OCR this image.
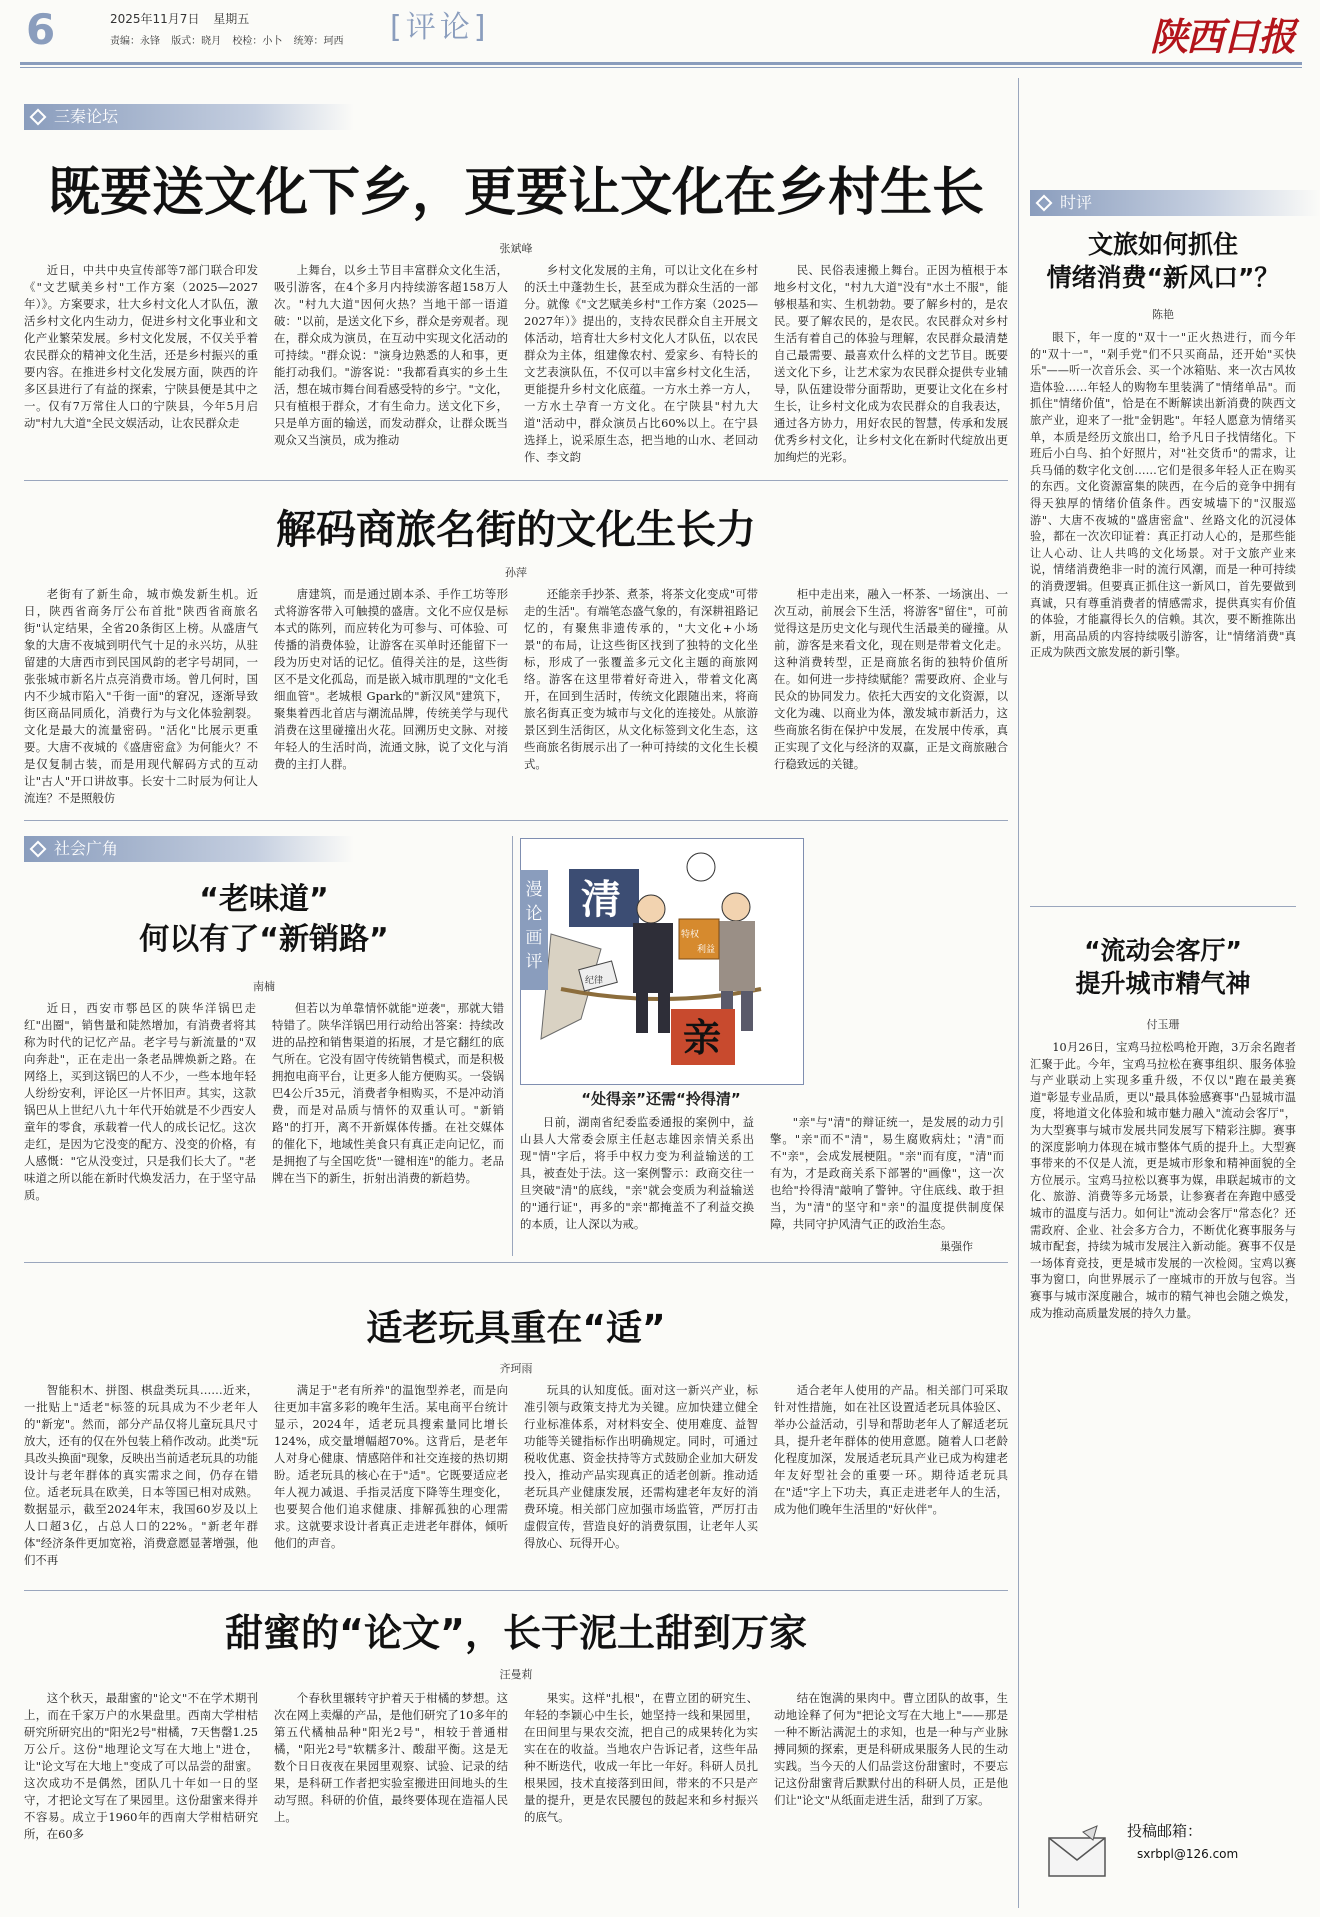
6	2025年11月7日 星期五
责编：永锋 版式：晓月 校检：小卜 统筹：珂西 [评论]	陕西日报
三秦论坛
时评
社会广角
既要送文化下乡，更要让文化在乡村生长
张斌峰

近日，中共中央宣传部等7部门联合印发《"文艺赋美乡村"工作方案（2025—2027年）》。方案要求，壮大乡村文化人才队伍，激活乡村文化内生动力，促进乡村文化事业和文化产业繁荣发展。乡村文化发展，不仅关乎着农民群众的精神文化生活，还是乡村振兴的重要内容。在推进乡村文化发展方面，陕西的许多区县进行了有益的探索，宁陕县便是其中之一。仅有7万常住人口的宁陕县，今年5月启动"村九大道"全民文娱活动，让农民群众走

上舞台，以乡土节目丰富群众文化生活，吸引游客，在4个多月内持续游客超158万人次。"村九大道"因何火热？当地干部一语道破："以前，是送文化下乡，群众是旁观者。现在，群众成为演员，在互动中实现文化活动的可持续。"群众说："演身边熟悉的人和事，更能打动我们。"游客说："我都看真实的乡土生活，想在城市舞台间看感受特的乡宁。"文化，只有植根于群众，才有生命力。送文化下乡，只是单方面的输送，而发动群众，让群众既当观众又当演员，成为推动

乡村文化发展的主角，可以让文化在乡村的沃土中蓬勃生长，甚至成为群众生活的一部分。就像《"文艺赋美乡村"工作方案（2025—2027年）》提出的，支持农民群众自主开展文体活动，培育壮大乡村文化人才队伍，以农民群众为主体，组建像农村、爱家乡、有特长的文艺表演队伍，不仅可以丰富乡村文化生活，更能提升乡村文化底蕴。一方水土养一方人，一方水土孕育一方文化。在宁陕县"村九大道"活动中，群众演员占比60%以上。在宁县选择上，说采原生态，把当地的山水、老回动作、李文韵

民、民俗表速搬上舞台。正因为植根于本地乡村文化，"村九大道"没有"水土不服"，能够根基和实、生机勃勃。要了解乡村的，是农民。要了解农民的，是农民。农民群众对乡村生活有着自己的体验与理解，农民群众最清楚自己最需要、最喜欢什么样的文艺节目。既要送文化下乡，让艺术家为农民群众提供专业辅导，队伍建设带分面帮助，更要让文化在乡村生长，让乡村文化成为农民群众的自我表达，通过各方协力，用好农民的智慧，传承和发展优秀乡村文化，让乡村文化在新时代绽放出更加绚烂的光彩。

解码商旅名街的文化生长力
孙萍

老街有了新生命，城市焕发新生机。近日，陕西省商务厅公布首批"陕西省商旅名街"认定结果，全省20条街区上榜。从盛唐气象的大唐不夜城到明代气十足的永兴坊，从驻留建的大唐西市到民国风韵的老字号胡同，一张张城市新名片点亮消费市场。曾几何时，国内不少城市陷入"千街一面"的窘况，逐渐导致街区商品同质化，消费行为与文化体验割裂。文化是最大的流量密码。"活化"比展示更重要。大唐不夜城的《盛唐密盒》为何能火？不是仅复制古装，而是用现代解码方式的互动让"古人"开口讲故事。长安十二时辰为何让人流连？不是照般仿

唐建筑，而是通过剧本杀、手作工坊等形式将游客带入可触摸的盛唐。文化不应仅是标本式的陈列，而应转化为可参与、可体验、可传播的消费体验，让游客在买单时还能留下一段为历史对话的记忆。值得关注的是，这些街区不是文化孤岛，而是嵌入城市肌理的"文化毛细血管"。老城根 Gpark的"新汉风"建筑下，聚集着西北首店与潮流品牌，传统美学与现代消费在这里碰撞出火花。回溯历史文脉、对接年轻人的生活时尚，流通文脉，说了文化与消费的主打人群。

还能亲手抄茶、煮茶，将茶文化变成"可带走的生活"。有端笔态盛气象的，有深耕祖路记忆的，有聚焦非遗传承的，"大文化+小场景"的布局，让这些街区找到了独特的文化坐标，形成了一张覆盖多元文化主题的商旅网络。游客在这里带着好奇进入，带着文化离开，在回到生活时，传统文化跟随出来，将商旅名街真正变为城市与文化的连接处。从旅游景区到生活街区，从文化标签到文化生态，这些商旅名街展示出了一种可持续的文化生长模式。

柜中走出来，融入一杯茶、一场演出、一次互动，前展会下生活，将游客"留住"，可前觉得这是历史文化与现代生活最美的碰撞。从前，游客是来看文化，现在则是带着文化走。这种消费转型，正是商旅名街的独特价值所在。如何进一步持续赋能？需要政府、企业与民众的协同发力。依托大西安的文化资源，以文化为魂、以商业为体，激发城市新活力，这些商旅名街在保护中发展，在发展中传承，真正实现了文化与经济的双赢，正是文商旅融合行稳致远的关键。

“老味道”
何以有了“新销路”
南楠

近日，西安市鄠邑区的陕华洋锅巴走红"出圈"，销售量和陡然增加，有消费者将其称为时代的记忆产品。老字号与新流量的"双向奔赴"，正在走出一条老品牌焕新之路。在网络上，买到这锅巴的人不少，一些本地年轻人纷纷安利，评论区一片怀旧声。其实，这款锅巴从上世纪八九十年代开始就是不少西安人童年的零食，承载着一代人的成长记忆。这次走红，是因为它没变的配方、没变的价格，有人感慨："它从没变过，只是我们长大了。"老味道之所以能在新时代焕发活力，在于坚守品质。

但若以为单靠情怀就能"逆袭"，那就大错特错了。陕华洋锅巴用行动给出答案：持续改进的品控和销售渠道的拓展，才是它翻红的底气所在。它没有固守传统销售模式，而是积极拥抱电商平台，让更多人能方便购买。一袋锅巴4公斤35元，消费者争相购买，不是冲动消费，而是对品质与情怀的双重认可。"新销路"的打开，离不开新媒体传播。在社交媒体的催化下，地域性美食只有真正走向记忆，而是拥抱了与全国吃货"一键相连"的能力。老品牌在当下的新生，折射出消费的新趋势。

清
特权
利益
亲
纪律
漫论画评
“处得亲”还需“拎得清”

日前，湖南省纪委监委通报的案例中，益山县人大常委会原主任赵志雄因亲情关系出现"情"字后，将手中权力变为利益输送的工具，被查处于法。这一案例警示：政商交往一旦突破"清"的底线，"亲"就会变质为利益输送的"通行证"，再多的"亲"都掩盖不了利益交换的本质，让人深以为戒。

"亲"与"清"的辩证统一，是发展的动力引擎。"亲"而不"清"，易生腐败病灶；"清"而不"亲"，会成发展梗阻。"亲"而有度，"清"而有为，才是政商关系下部署的"画像"，这一次也给"拎得清"敲响了警钟。守住底线、敢于担当，为"清"的坚守和"亲"的温度提供制度保障，共同守护风清气正的政治生态。

巢强作
适老玩具重在“适”
齐珂雨

智能积木、拼图、棋盘类玩具……近来，一批贴上"适老"标签的玩具成为不少老年人的"新宠"。然而，部分产品仅将儿童玩具尺寸放大，还有的仅在外包装上稍作改动。此类"玩具改头换面"现象，反映出当前适老玩具的功能设计与老年群体的真实需求之间，仍存在错位。适老玩具在欧美，日本等国已相对成熟。数据显示，截至2024年末，我国60岁及以上人口超3亿，占总人口的22%。"新老年群体"经济条件更加宽裕，消费意愿显著增强，他们不再

满足于"老有所养"的温饱型养老，而是向往更加丰富多彩的晚年生活。某电商平台统计显示，2024年，适老玩具搜索量同比增长124%，成交量增幅超70%。这背后，是老年人对身心健康、情感陪伴和社交连接的热切期盼。适老玩具的核心在于"适"。它既要适应老年人视力减退、手指灵活度下降等生理变化，也要契合他们追求健康、排解孤独的心理需求。这就要求设计者真正走进老年群体，倾听他们的声音。

玩具的认知度低。面对这一新兴产业，标准引领与政策支持尤为关键。应加快建立健全行业标准体系，对材料安全、使用难度、益智功能等关键指标作出明确规定。同时，可通过税收优惠、资金扶持等方式鼓励企业加大研发投入，推动产品实现真正的适老创新。推动适老玩具产业健康发展，还需构建老年友好的消费环境。相关部门应加强市场监管，严厉打击虚假宣传，营造良好的消费氛围，让老年人买得放心、玩得开心。

适合老年人使用的产品。相关部门可采取针对性措施，如在社区设置适老玩具体验区、举办公益活动，引导和帮助老年人了解适老玩具，提升老年群体的使用意愿。随着人口老龄化程度加深，发展适老玩具产业已成为构建老年友好型社会的重要一环。期待适老玩具在"适"字上下功夫，真正走进老年人的生活，成为他们晚年生活里的"好伙伴"。

甜蜜的“论文”，长于泥土甜到万家
汪曼莉

这个秋天，最甜蜜的"论文"不在学术期刊上，而在千家万户的水果盘里。西南大学柑桔研究所研究出的"阳光2号"柑橘，7天售罄1.25万公斤。这份"地理论文写在大地上"进仓，让"论文写在大地上"变成了可以品尝的甜蜜。这次成功不是偶然，团队几十年如一日的坚守，才把论文写在了果园里。这份甜蜜来得并不容易。成立于1960年的西南大学柑桔研究所，在60多

个春秋里辗转守护着天于柑橘的梦想。这次在网上卖爆的产品，是他们研究了10多年的第五代橘柚品种"阳光2号"，相较于普通柑橘，"阳光2号"软糯多汁、酸甜平衡。这是无数个日日夜夜在果园里观察、试验、记录的结果，是科研工作者把实验室搬进田间地头的生动写照。科研的价值，最终要体现在造福人民上。

果实。这样"扎根"，在曹立团的研究生、年轻的李颖心中生长，她坚持一线和果园里，在田间里与果农交流，把自己的成果转化为实实在在的收益。当地农户告诉记者，这些年品种不断迭代，收成一年比一年好。科研人员扎根果园，技术直接落到田间，带来的不只是产量的提升，更是农民腰包的鼓起来和乡村振兴的底气。

结在饱满的果肉中。曹立团队的故事，生动地诠释了何为"把论文写在大地上"——那是一种不断沾满泥土的求知，也是一种与产业脉搏同频的探索，更是科研成果服务人民的生动实践。当今天的人们品尝这份甜蜜时，不要忘记这份甜蜜背后默默付出的科研人员，正是他们让"论文"从纸面走进生活，甜到了万家。

文旅如何抓住
情绪消费“新风口”？
陈艳

眼下，年一度的"双十一"正火热进行，而今年的"双十一"，"剁手党"们不只买商品，还开始"买快乐"——听一次音乐会、买一个冰箱贴、来一次古风妆造体验……年轻人的购物车里装满了"情绪单品"。而抓住"情绪价值"，恰是在不断解读出新消费的陕西文旅产业，迎来了一批"金钥匙"。年轻人愿意为情绪买单，本质是经历文旅出口，给予凡日子找情绪化。下班后小白鸟、拍个好照片，对"社交货币"的需求，让兵马俑的数字化文创……它们是很多年轻人正在购买的东西。文化资源富集的陕西，在今后的竞争中拥有得天独厚的情绪价值条件。西安城墙下的"汉服巡游"、大唐不夜城的"盛唐密盒"、丝路文化的沉浸体验，都在一次次印证着：真正打动人心的，是那些能让人心动、让人共鸣的文化场景。对于文旅产业来说，情绪消费绝非一时的流行风潮，而是一种可持续的消费逻辑。但要真正抓住这一新风口，首先要做到真诚，只有尊重消费者的情感需求，提供真实有价值的体验，才能赢得长久的信赖。其次，要不断推陈出新，用高品质的内容持续吸引游客，让"情绪消费"真正成为陕西文旅发展的新引擎。

“流动会客厅”
提升城市精气神
付玉珊

10月26日，宝鸡马拉松鸣枪开跑，3万余名跑者汇聚于此。今年，宝鸡马拉松在赛事组织、服务体验与产业联动上实现多重升级，不仅以"跑在最美赛道"彰显专业品质，更以"最具体验感赛事"凸显城市温度，将地道文化体验和城市魅力融入"流动会客厅"，为大型赛事与城市发展共同发展写下精彩注脚。赛事的深度影响力体现在城市整体气质的提升上。大型赛事带来的不仅是人流，更是城市形象和精神面貌的全方位展示。宝鸡马拉松以赛事为媒，串联起城市的文化、旅游、消费等多元场景，让参赛者在奔跑中感受城市的温度与活力。如何让"流动会客厅"常态化？还需政府、企业、社会多方合力，不断优化赛事服务与城市配套，持续为城市发展注入新动能。赛事不仅是一场体育竞技，更是城市发展的一次检阅。宝鸡以赛事为窗口，向世界展示了一座城市的开放与包容。当赛事与城市深度融合，城市的精气神也会随之焕发，成为推动高质量发展的持久力量。

投稿邮箱：
sxrbpl@126.com
